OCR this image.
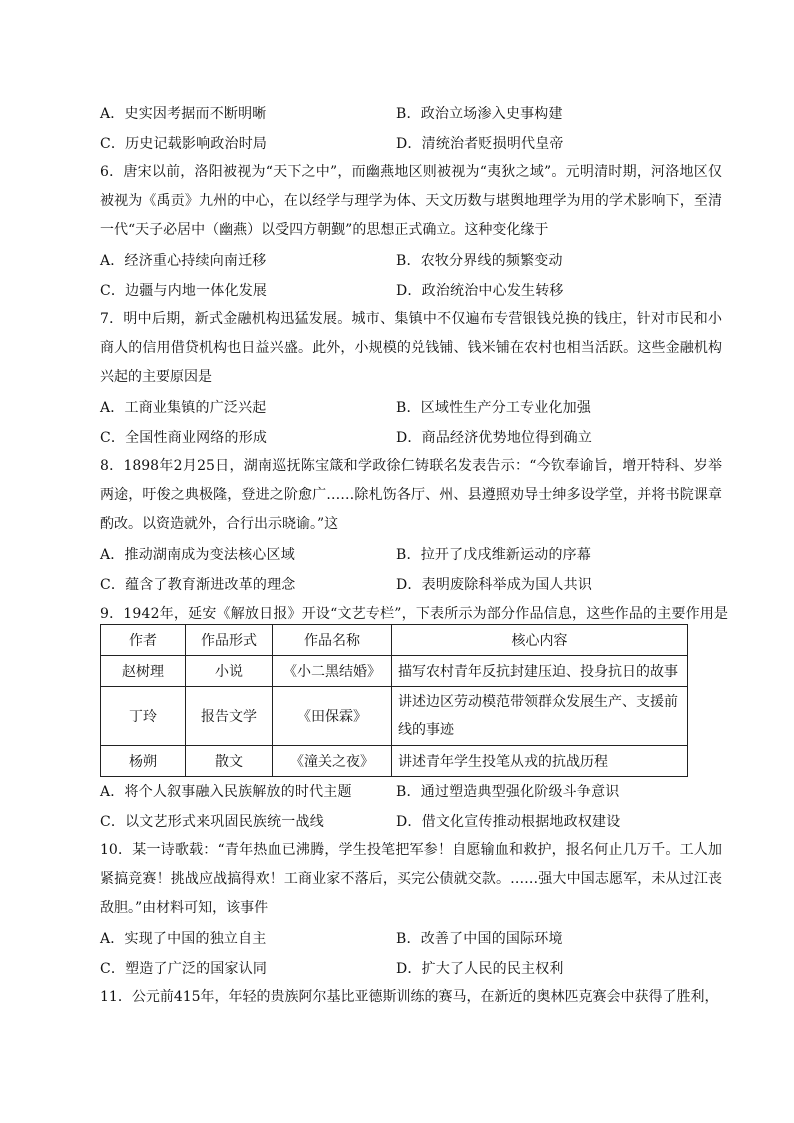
A．史实因考据而不断明晰	B．政治立场渗入史事构建
C．历史记载影响政治时局	D．清统治者贬损明代皇帝
6．唐宋以前，洛阳被视为“天下之中”，而幽燕地区则被视为“夷狄之域”。元明清时期，河洛地区仅被视为《禹贡》九州的中心，在以经学与理学为体、天文历数与堪舆地理学为用的学术影响下，至清一代“天子必居中（幽燕）以受四方朝觐”的思想正式确立。这种变化缘于
A．经济重心持续向南迁移	B．农牧分界线的频繁变动
C．边疆与内地一体化发展	D．政治统治中心发生转移
7．明中后期，新式金融机构迅猛发展。城市、集镇中不仅遍布专营银钱兑换的钱庄，针对市民和小商人的信用借贷机构也日益兴盛。此外，小规模的兑钱铺、钱米铺在农村也相当活跃。这些金融机构兴起的主要原因是
A．工商业集镇的广泛兴起	B．区域性生产分工专业化加强
C．全国性商业网络的形成	D．商品经济优势地位得到确立
8．1898年2月25日，湖南巡抚陈宝箴和学政徐仁铸联名发表告示：“今钦奉谕旨，增开特科、岁举两途，吁俊之典极隆，登进之阶愈广……除札饬各厅、州、县遵照劝导士绅多设学堂，并将书院课章酌改。以资造就外，合行出示晓谕。”这
A．推动湖南成为变法核心区域	B．拉开了戊戌维新运动的序幕
C．蕴含了教育渐进改革的理念	D．表明废除科举成为国人共识
9．1942年，延安《解放日报》开设“文艺专栏”，下表所示为部分作品信息，这些作品的主要作用是
作者	作品形式	作品名称	核心内容
赵树理	小说	《小二黑结婚》	描写农村青年反抗封建压迫、投身抗日的故事
丁玲	报告文学	《田保霖》	讲述边区劳动模范带领群众发展生产、支援前线的事迹
杨朔	散文	《潼关之夜》	讲述青年学生投笔从戎的抗战历程
A．将个人叙事融入民族解放的时代主题	B．通过塑造典型强化阶级斗争意识
C．以文艺形式来巩固民族统一战线	D．借文化宣传推动根据地政权建设
10．某一诗歌载：“青年热血已沸腾，学生投笔把军参！自愿输血和救护，报名何止几万千。工人加紧搞竞赛！挑战应战搞得欢！工商业家不落后，买完公债就交款。……强大中国志愿军，未从过江丧敌胆。”由材料可知，该事件
A．实现了中国的独立自主	B．改善了中国的国际环境
C．塑造了广泛的国家认同	D．扩大了人民的民主权利
11．公元前415年，年轻的贵族阿尔基比亚德斯训练的赛马，在新近的奥林匹克赛会中获得了胜利，
